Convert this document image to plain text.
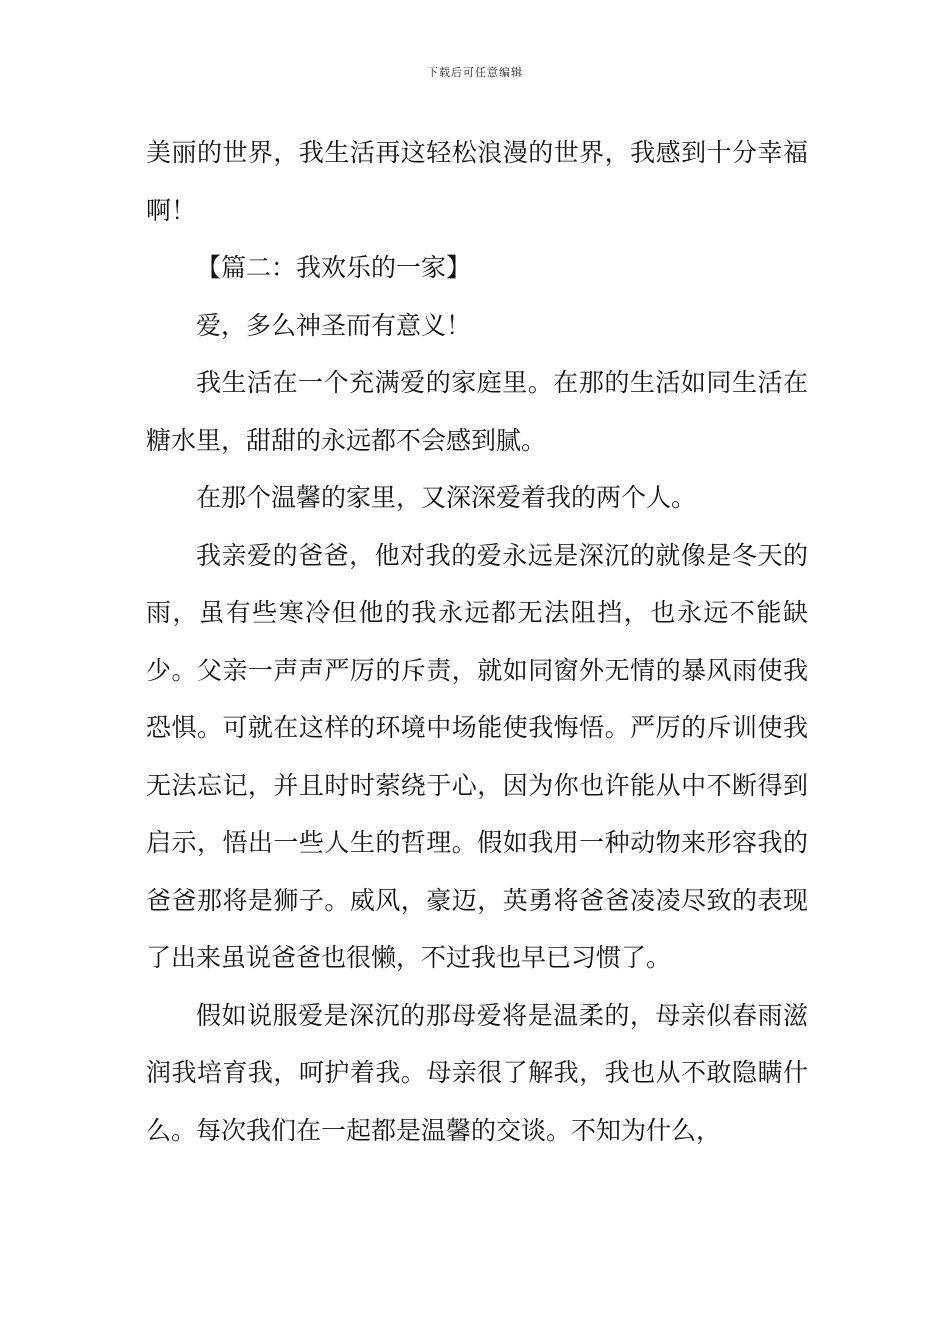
下载后可任意编辑

美丽的世界，我生活再这轻松浪漫的世界，我感到十分幸福啊！

【篇二：我欢乐的一家】

爱，多么神圣而有意义！

我生活在一个充满爱的家庭里。在那的生活如同生活在糖水里，甜甜的永远都不会感到腻。

在那个温馨的家里，又深深爱着我的两个人。

我亲爱的爸爸，他对我的爱永远是深沉的就像是冬天的雨，虽有些寒冷但他的我永远都无法阻挡，也永远不能缺少。父亲一声声严厉的斥责，就如同窗外无情的暴风雨使我恐惧。可就在这样的环境中场能使我悔悟。严厉的斥训使我无法忘记，并且时时萦绕于心，因为你也许能从中不断得到启示，悟出一些人生的哲理。假如我用一种动物来形容我的爸爸那将是狮子。威风，豪迈，英勇将爸爸凌凌尽致的表现了出来虽说爸爸也很懒，不过我也早已习惯了。

假如说服爱是深沉的那母爱将是温柔的，母亲似春雨滋润我培育我，呵护着我。母亲很了解我，我也从不敢隐瞒什么。每次我们在一起都是温馨的交谈。不知为什么，
